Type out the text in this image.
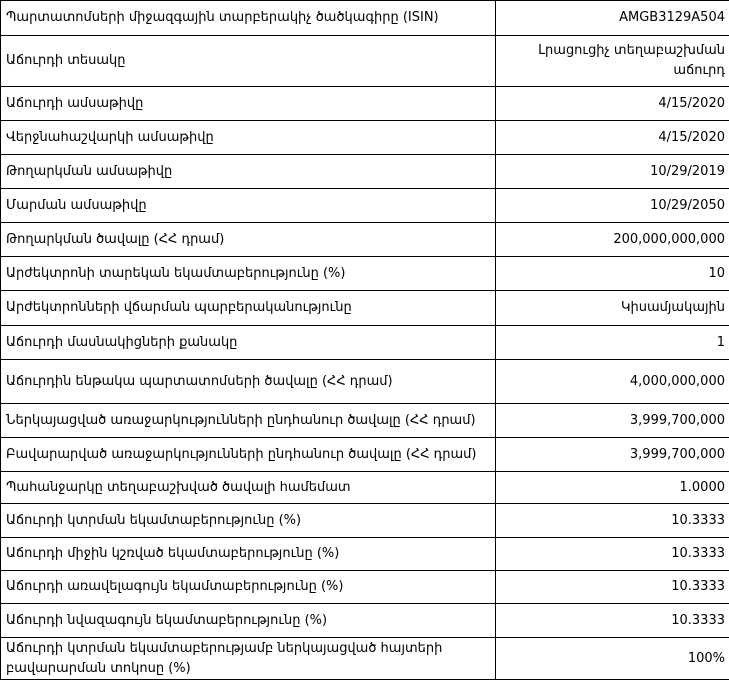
Պարտատոմսերի միջազգային տարբերակիչ ծածկագիրը (ISIN)	AMGB3129A504
Աճուրդի տեսակը	Լրացուցիչ տեղաբաշխման աճուրդ
Աճուրդի ամսաթիվը	4/15/2020
Վերջնահաշվարկի ամսաթիվը	4/15/2020
Թողարկման ամսաթիվը	10/29/2019
Մարման ամսաթիվը	10/29/2050
Թողարկման ծավալը (ՀՀ դրամ)	200,000,000,000
Արժեկտրոնի տարեկան եկամտաբերությունը (%)	10
Արժեկտրոնների վճարման պարբերականությունը	Կիսամյակային
Աճուրդի մասնակիցների քանակը	1
Աճուրդին ենթակա պարտատոմսերի ծավալը (ՀՀ դրամ)	4,000,000,000
Ներկայացված առաջարկությունների ընդհանուր ծավալը (ՀՀ դրամ)	3,999,700,000
Բավարարված առաջարկությունների ընդհանուր ծավալը (ՀՀ դրամ)	3,999,700,000
Պահանջարկը տեղաբաշխված ծավալի համեմատ	1.0000
Աճուրդի կտրման եկամտաբերությունը (%)	10.3333
Աճուրդի միջին կշռված եկամտաբերությունը (%)	10.3333
Աճուրդի առավելագույն եկամտաբերությունը (%)	10.3333
Աճուրդի նվազագույն եկամտաբերությունը (%)	10.3333
Աճուրդի կտրման եկամտաբերությամբ ներկայացված հայտերի բավարարման տոկոսը (%)	100%
